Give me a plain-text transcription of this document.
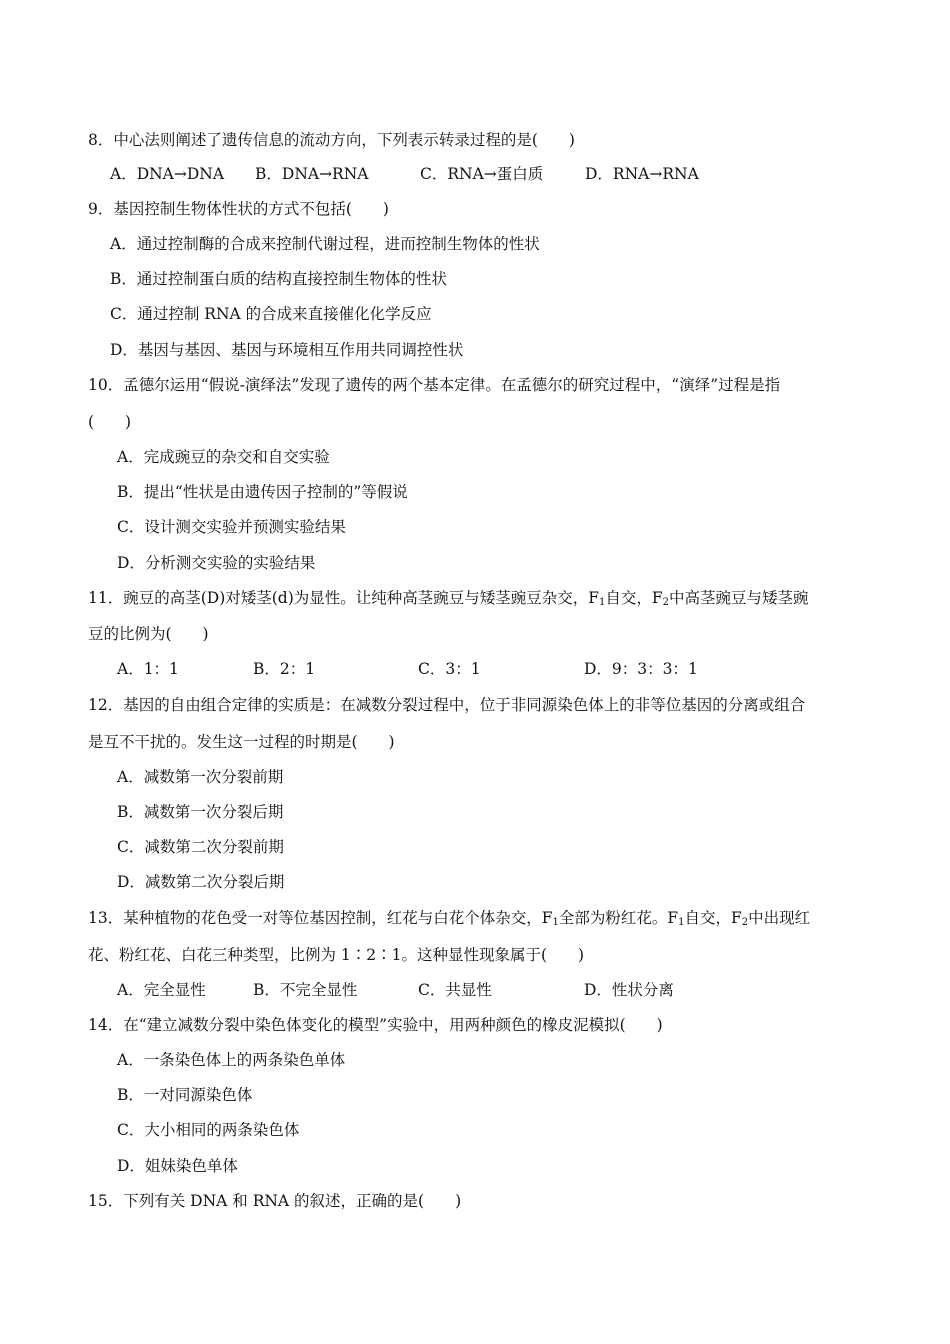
8．中心法则阐述了遗传信息的流动方向，下列表示转录过程的是(　　)
A．DNA→DNA B．DNA→RNA	C．RNA→蛋白质	D．RNA→RNA
9．基因控制生物体性状的方式不包括(　　)
A．通过控制酶的合成来控制代谢过程，进而控制生物体的性状
B．通过控制蛋白质的结构直接控制生物体的性状
C．通过控制 RNA 的合成来直接催化化学反应
D．基因与基因、基因与环境相互作用共同调控性状
10．孟德尔运用“假说-演绎法”发现了遗传的两个基本定律。在孟德尔的研究过程中，“演绎”过程是指
(　　)
A．完成豌豆的杂交和自交实验
B．提出“性状是由遗传因子控制的”等假说
C．设计测交实验并预测实验结果
D．分析测交实验的实验结果
11．豌豆的高茎(D)对矮茎(d)为显性。让纯种高茎豌豆与矮茎豌豆杂交，$F_1$自交，$F_2$中高茎豌豆与矮茎豌
豆的比例为(　　)
A．1：1	B．2：1	C．3：1	D．9：3：3：1
12．基因的自由组合定律的实质是：在减数分裂过程中，位于非同源染色体上的非等位基因的分离或组合
是互不干扰的。发生这一过程的时期是(　　)
A．减数第一次分裂前期
B．减数第一次分裂后期
C．减数第二次分裂前期
D．减数第二次分裂后期
13．某种植物的花色受一对等位基因控制，红花与白花个体杂交，$F_1$全部为粉红花。$F_1$自交，$F_2$中出现红
花、粉红花、白花三种类型，比例为 1∶2∶1。这种显性现象属于(　　)
A．完全显性	B．不完全显性	C．共显性	D．性状分离
14．在“建立减数分裂中染色体变化的模型”实验中，用两种颜色的橡皮泥模拟(　　)
A．一条染色体上的两条染色单体
B．一对同源染色体
C．大小相同的两条染色体
D．姐妹染色单体
15．下列有关 DNA 和 RNA 的叙述，正确的是(　　)
